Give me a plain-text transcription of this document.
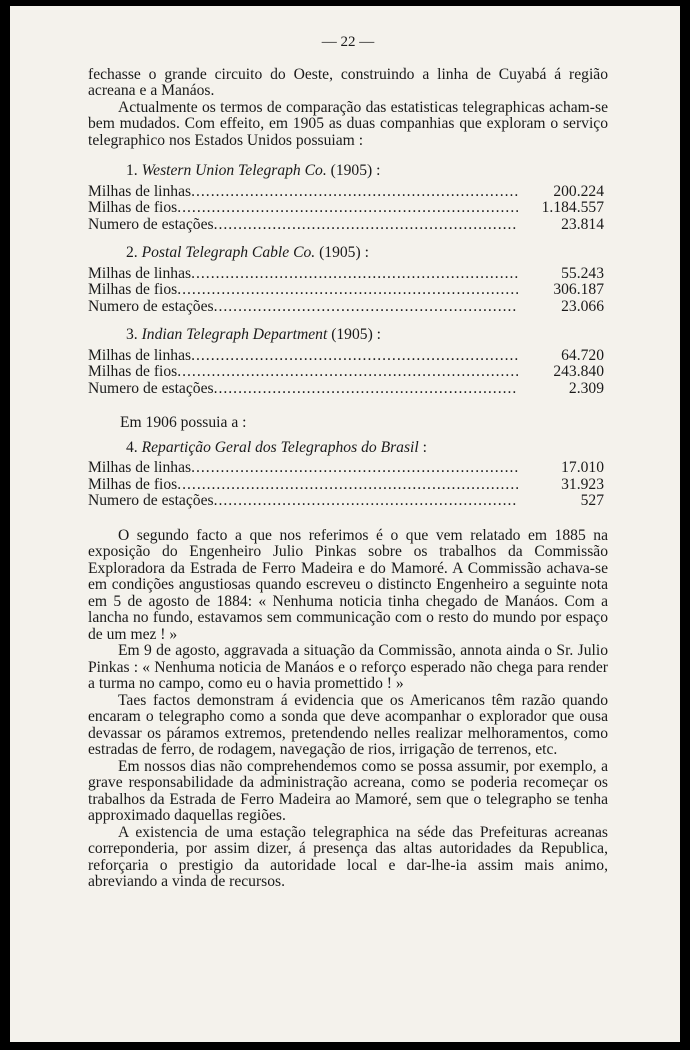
— 22 —

fechasse o grande circuito do Oeste, construindo a linha de Cuyabá á região acreana e a Manáos.

Actualmente os termos de comparação das estatisticas telegraphicas acham-se bem mudados. Com effeito, em 1905 as duas companhias que exploram o serviço telegraphico nos Estados Unidos possuiam :

1. Western Union Telegraph Co. (1905) :
Milhas de linhas .....	200.224
Milhas de fios .....	1.184.557
Numero de estações .....	23.814
2. Postal Telegraph Cable Co. (1905) :
Milhas de linhas .....	55.243
Milhas de fios .....	306.187
Numero de estações .....	23.066
3. Indian Telegraph Department (1905) :
Milhas de linhas .....	64.720
Milhas de fios .....	243.840
Numero de estações .....	2.309
Em 1906 possuia a :
4. Repartição Geral dos Telegraphos do Brasil :
Milhas de linhas .....	17.010
Milhas de fios .....	31.923
Numero de estações .....	527

O segundo facto a que nos referimos é o que vem relatado em 1885 na exposição do Engenheiro Julio Pinkas sobre os trabalhos da Commissão Exploradora da Estrada de Ferro Madeira e do Mamoré. A Commissão achava-se em condições angustiosas quando escreveu o distincto Engenheiro a seguinte nota em 5 de agosto de 1884: « Nenhuma noticia tinha chegado de Manáos. Com a lancha no fundo, estavamos sem communicação com o resto do mundo por espaço de um mez ! »

Em 9 de agosto, aggravada a situação da Commissão, annota ainda o Sr. Julio Pinkas : « Nenhuma noticia de Manáos e o reforço esperado não chega para render a turma no campo, como eu o havia promettido ! »

Taes factos demonstram á evidencia que os Americanos têm razão quando encaram o telegrapho como a sonda que deve acompanhar o explorador que ousa devassar os páramos extremos, pretendendo nelles realizar melhoramentos, como estradas de ferro, de rodagem, navegação de rios, irrigação de terrenos, etc.

Em nossos dias não comprehendemos como se possa assumir, por exemplo, a grave responsabilidade da administração acreana, como se poderia recomeçar os trabalhos da Estrada de Ferro Madeira ao Mamoré, sem que o telegrapho se tenha approximado daquellas regiões.

A existencia de uma estação telegraphica na séde das Prefeituras acreanas correponderia, por assim dizer, á presença das altas autoridades da Republica, reforçaria o prestigio da autoridade local e dar-lhe-ia assim mais animo, abreviando a vinda de recursos.
